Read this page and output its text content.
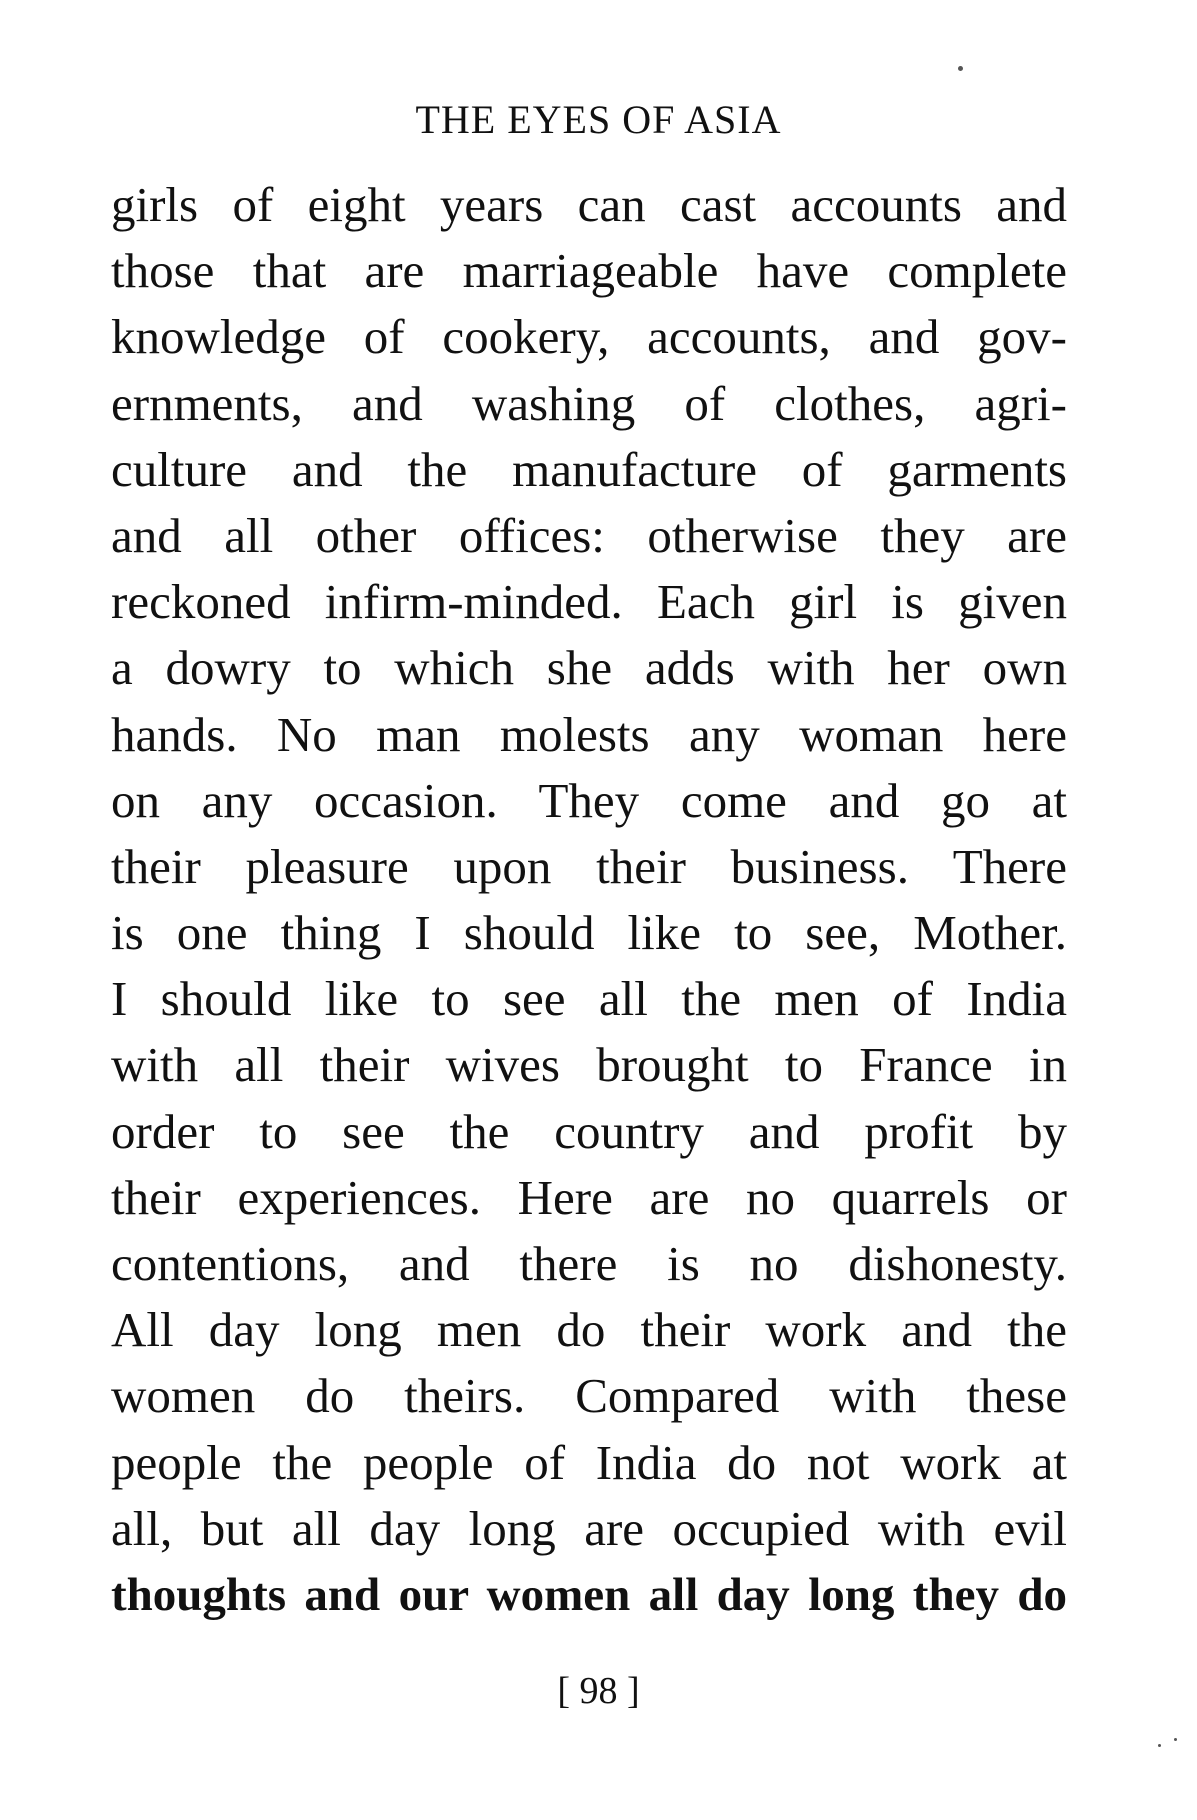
THE EYES OF ASIA
girls of eight years can cast accounts and
those that are marriageable have complete
knowledge of cookery, accounts, and gov-
ernments, and washing of clothes, agri-
culture and the manufacture of garments
and all other offices: otherwise they are
reckoned infirm-minded. Each girl is given
a dowry to which she adds with her own
hands. No man molests any woman here
on any occasion. They come and go at
their pleasure upon their business. There
is one thing I should like to see, Mother.
I should like to see all the men of India
with all their wives brought to France in
order to see the country and profit by
their experiences. Here are no quarrels or
contentions, and there is no dishonesty.
All day long men do their work and the
women do theirs. Compared with these
people the people of India do not work at
all, but all day long are occupied with evil
thoughts and our women all day long they do
[ 98 ]
